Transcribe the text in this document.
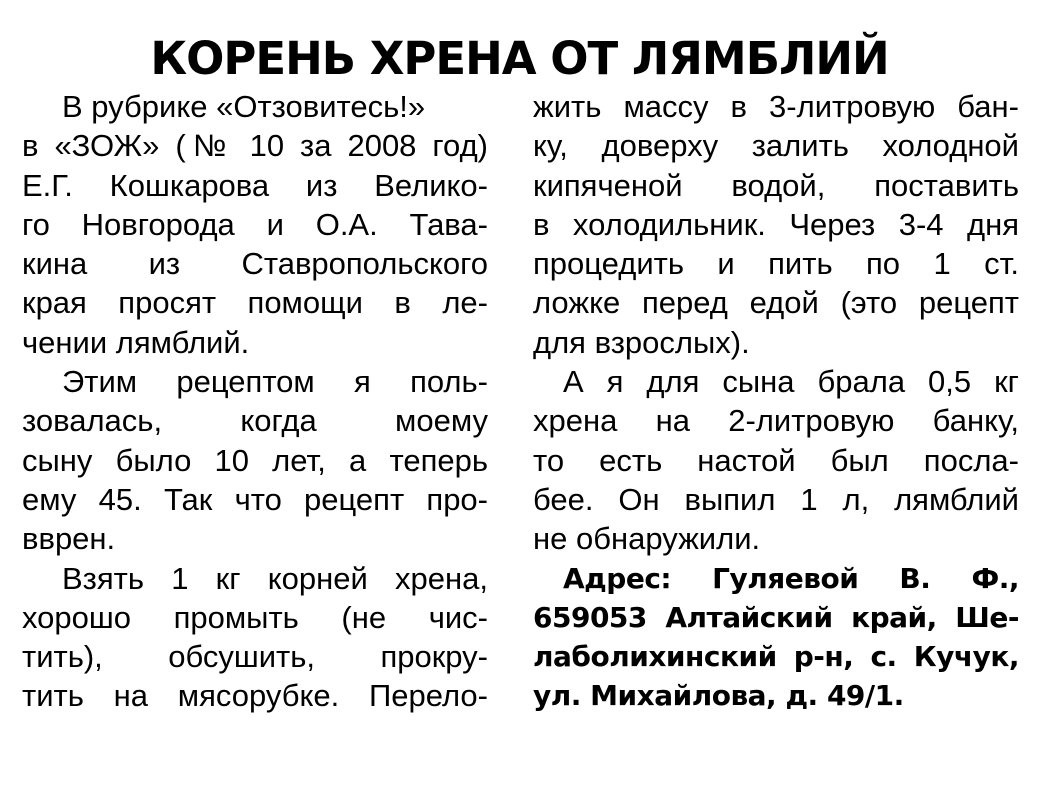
КОРЕНЬ ХРЕНА ОТ ЛЯМБЛИЙ
В рубрике «Отзовитесь!»
в «ЗОЖ» (№ 10 за 2008 год)
Е.Г. Кошкарова из Велико-
го Новгорода и О.А. Тава-
кина из Ставропольского
края просят помощи в ле-
чении лямблий.
Этим рецептом я поль-
зовалась, когда моему
сыну было 10 лет, а теперь
ему 45. Так что рецепт про-
вврен.
Взять 1 кг корней хрена,
хорошо промыть (не чис-
тить), обсушить, прокру-
тить на мясорубке. Перело-
жить массу в 3-литровую бан-
ку, доверху залить холодной
кипяченой водой, поставить
в холодильник. Через 3-4 дня
процедить и пить по 1 ст.
ложке перед едой (это рецепт
для взрослых).
А я для сына брала 0,5 кг
хрена на 2-литровую банку,
то есть настой был посла-
бее. Он выпил 1 л, лямблий
не обнаружили.
Адрес: Гуляевой В. Ф.,
659053 Алтайский край, Ше-
лаболихинский р-н, с. Кучук,
ул. Михайлова, д. 49/1.
